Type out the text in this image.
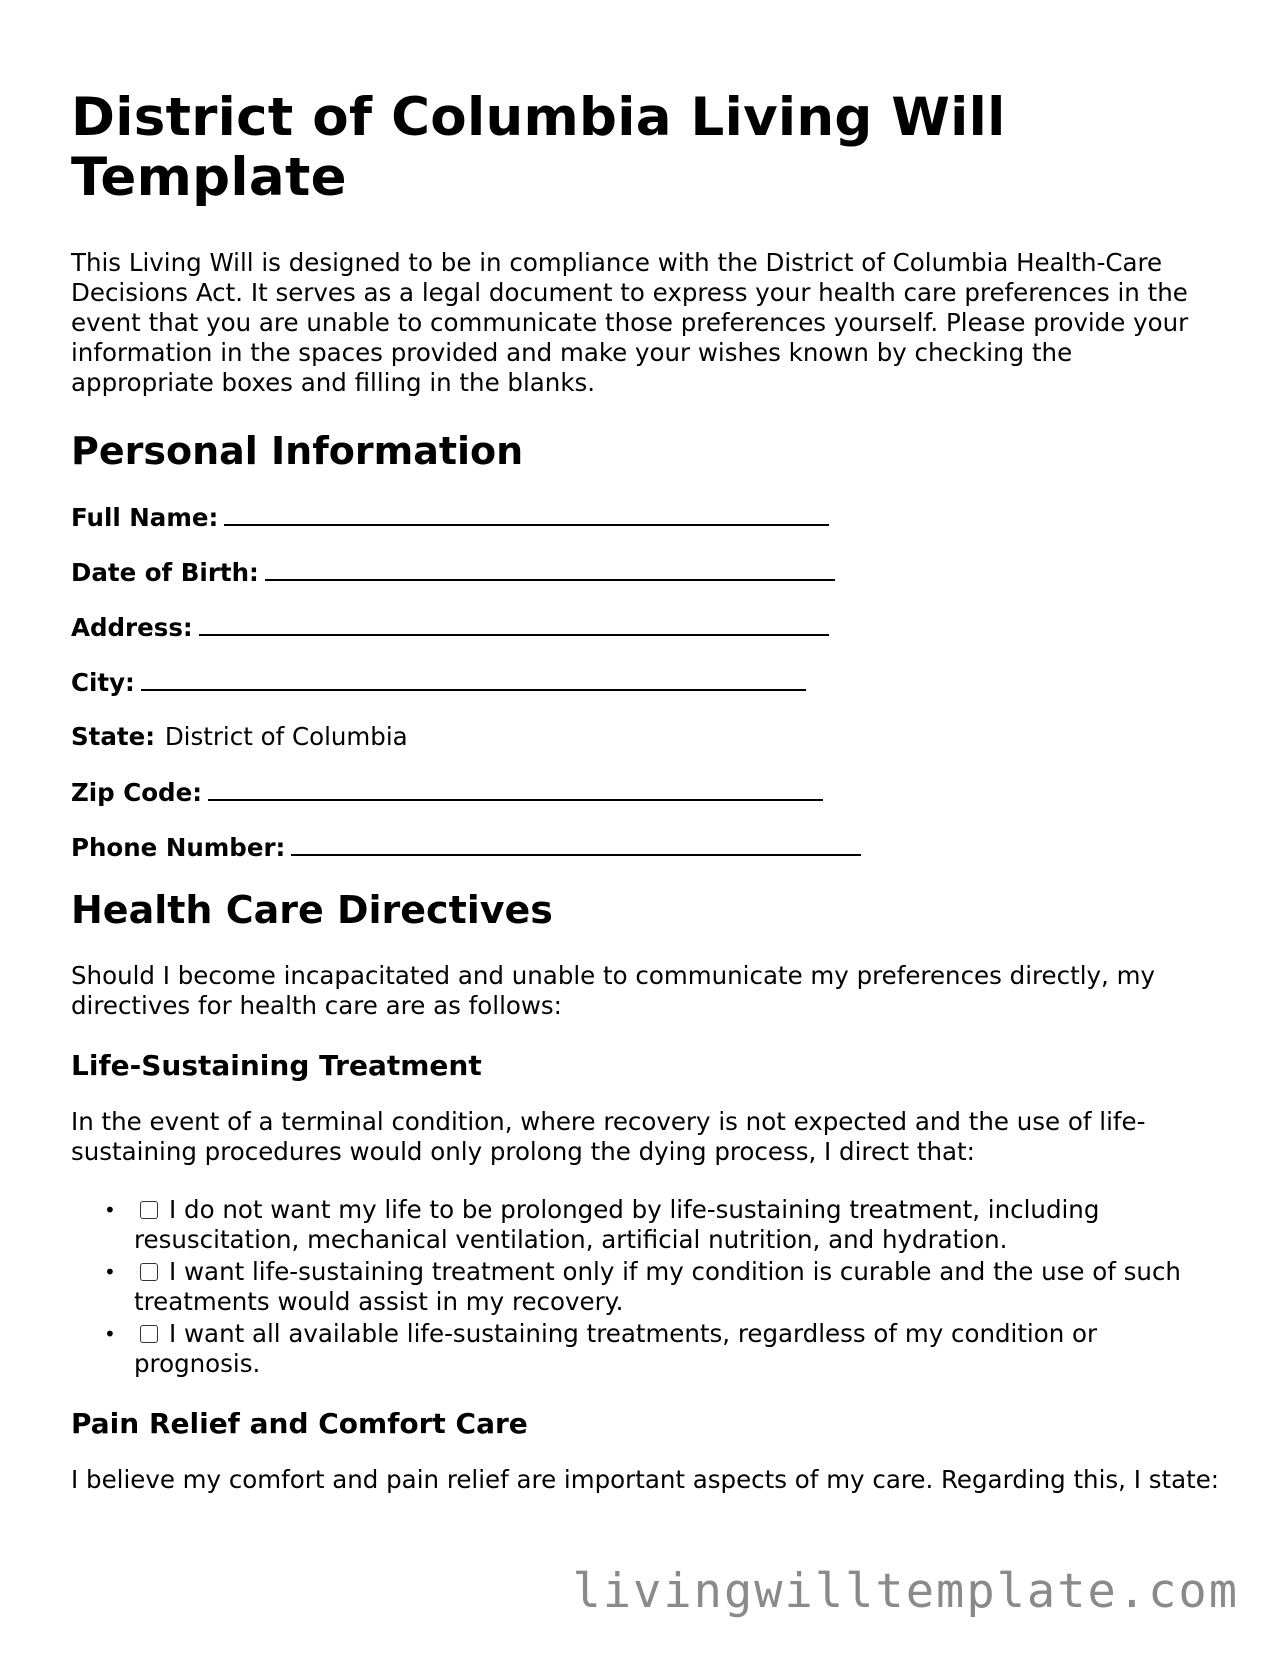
District of Columbia Living Will Template

This Living Will is designed to be in compliance with the District of Columbia Health-Care Decisions Act. It serves as a legal document to express your health care preferences in the event that you are unable to communicate those preferences yourself. Please provide your information in the spaces provided and make your wishes known by checking the appropriate boxes and filling in the blanks.

Personal Information
Full Name:
Date of Birth:
Address:
City:
State: District of Columbia
Zip Code:
Phone Number:
Health Care Directives

Should I become incapacitated and unable to communicate my preferences directly, my directives for health care are as follows:

Life-Sustaining Treatment

In the event of a terminal condition, where recovery is not expected and the use of life-sustaining procedures would only prolong the dying process, I direct that:

• I do not want my life to be prolonged by life-sustaining treatment, including resuscitation, mechanical ventilation, artificial nutrition, and hydration.
• I want life-sustaining treatment only if my condition is curable and the use of such treatments would assist in my recovery.
• I want all available life-sustaining treatments, regardless of my condition or prognosis.
Pain Relief and Comfort Care

I believe my comfort and pain relief are important aspects of my care. Regarding this, I state:

livingwilltemplate.com
